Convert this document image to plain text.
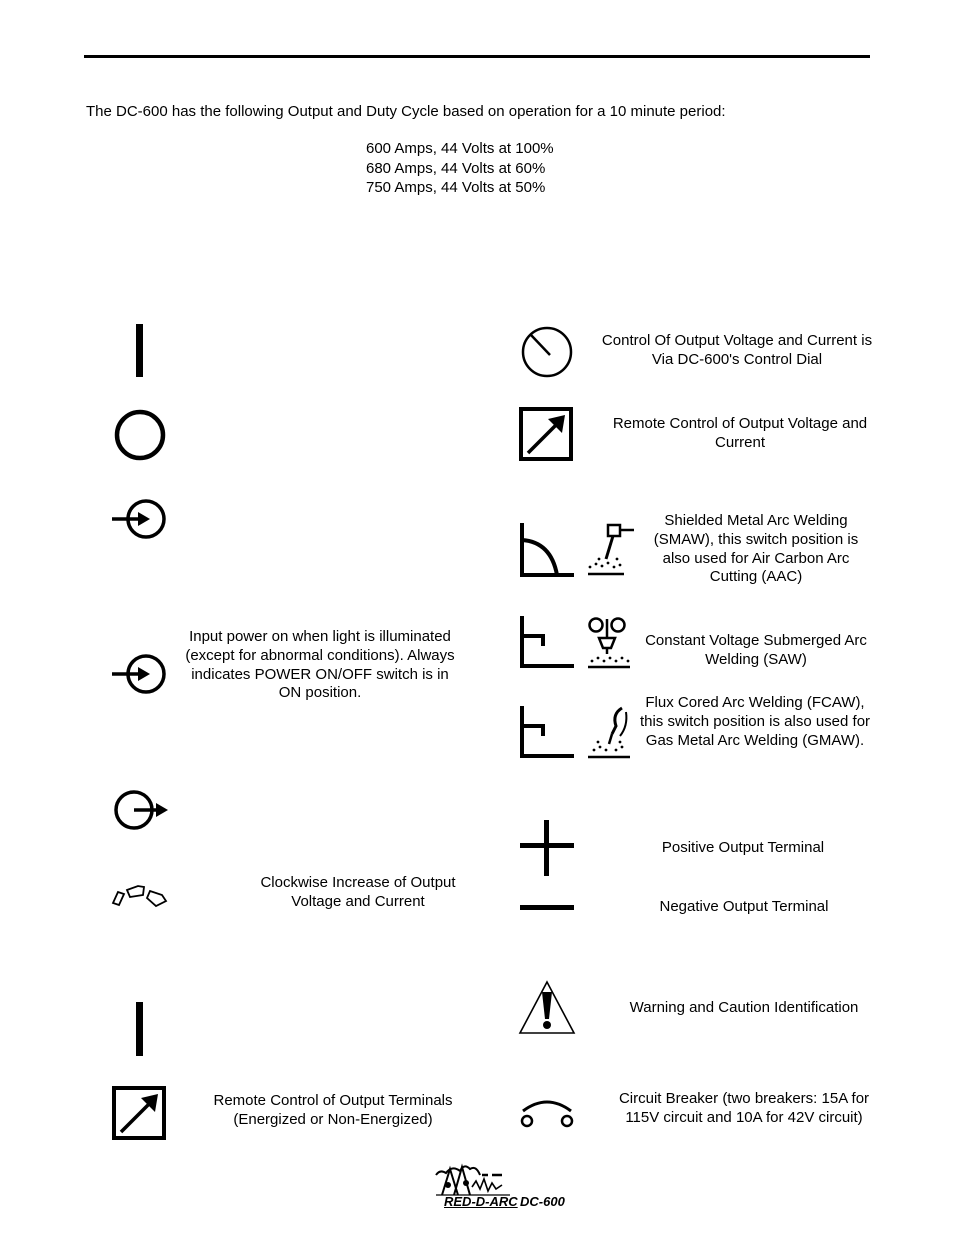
The DC-600 has the following Output and Duty Cycle based on operation for a 10 minute period:
600 Amps, 44 Volts at 100%
680 Amps, 44 Volts at 60%
750 Amps, 44 Volts at 50%
Input power on when light is illuminated (except for abnormal conditions). Always indicates POWER ON/OFF switch is in ON position.
Clockwise Increase of Output Voltage and Current
Remote Control of Output Terminals (Energized or Non-Energized)
Control Of Output Voltage and Current is Via DC-600's Control Dial
Remote Control of Output Voltage and Current
Shielded Metal Arc Welding (SMAW), this switch position is also used for Air Carbon Arc Cutting (AAC)
Constant Voltage Submerged Arc Welding (SAW)
Flux Cored Arc Welding (FCAW), this switch position is also used for Gas Metal Arc Welding (GMAW).
Positive Output Terminal
Negative Output Terminal
Warning and Caution Identification
Circuit Breaker (two breakers: 15A for 115V circuit and 10A for 42V circuit)
RED-D-ARC DC-600
